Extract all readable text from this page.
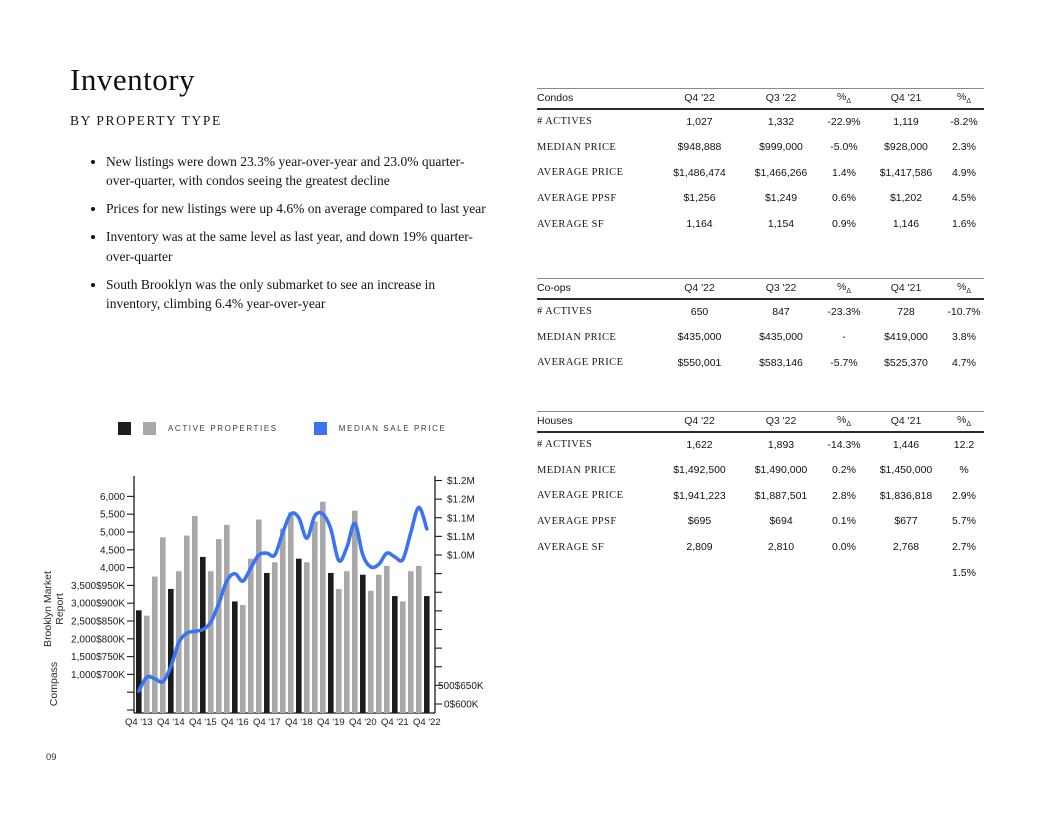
Inventory
BY PROPERTY TYPE
• New listings were down 23.3% year-over-year and 23.0% quarter-over-quarter, with condos seeing the greatest decline
• Prices for new listings were up 4.6% on average compared to last year
• Inventory was at the same level as last year, and down 19% quarter-over-quarter
• South Brooklyn was the only submarket to see an increase in inventory, climbing 6.4% year-over-year
ACTIVE PROPERTIES	MEDIAN SALE PRICE
6,000
5,500
5,000
4,500
4,000
3,500$950K
3,000$900K
2,500$850K
2,000$800K
1,500$750K
1,000$700K
$1.2M
$1.2M
$1.1M
$1.1M
$1.0M
500$650K
0$600K
Q4 '13 Q4 '14 Q4 '15 Q4 '16 Q4 '17 Q4 '18 Q4 '19 Q4 '20 Q4 '21 Q4 '22
Brooklyn Market Report
Compass
09
Condos	Q4 '22	Q3 '22	$\%_\Delta$	Q4 '21	$\%_\Delta$
# ACTIVES	1,027	1,332	-22.9%	1,119	-8.2%
MEDIAN PRICE	$948,888	$999,000	-5.0%	$928,000	2.3%
AVERAGE PRICE	$1,486,474	$1,466,266	1.4%	$1,417,586	4.9%
AVERAGE PPSF	$1,256	$1,249	0.6%	$1,202	4.5%
AVERAGE SF	1,164	1,154	0.9%	1,146	1.6%
Co-ops	Q4 '22	Q3 '22	$\%_\Delta$	Q4 '21	$\%_\Delta$
# ACTIVES	650	847	-23.3%	728	-10.7%
MEDIAN PRICE	$435,000	$435,000	-	$419,000	3.8%
AVERAGE PRICE	$550,001	$583,146	-5.7%	$525,370	4.7%
Houses	Q4 '22	Q3 '22	$\%_\Delta$	Q4 '21	$\%_\Delta$
# ACTIVES	1,622	1,893	-14.3%	1,446	12.2
MEDIAN PRICE	$1,492,500	$1,490,000	0.2%	$1,450,000	%
AVERAGE PRICE	$1,941,223	$1,887,501	2.8%	$1,836,818	2.9%
AVERAGE PPSF	$695	$694	0.1%	$677	5.7%
AVERAGE SF	2,809	2,810	0.0%	2,768	2.7%
					1.5%
